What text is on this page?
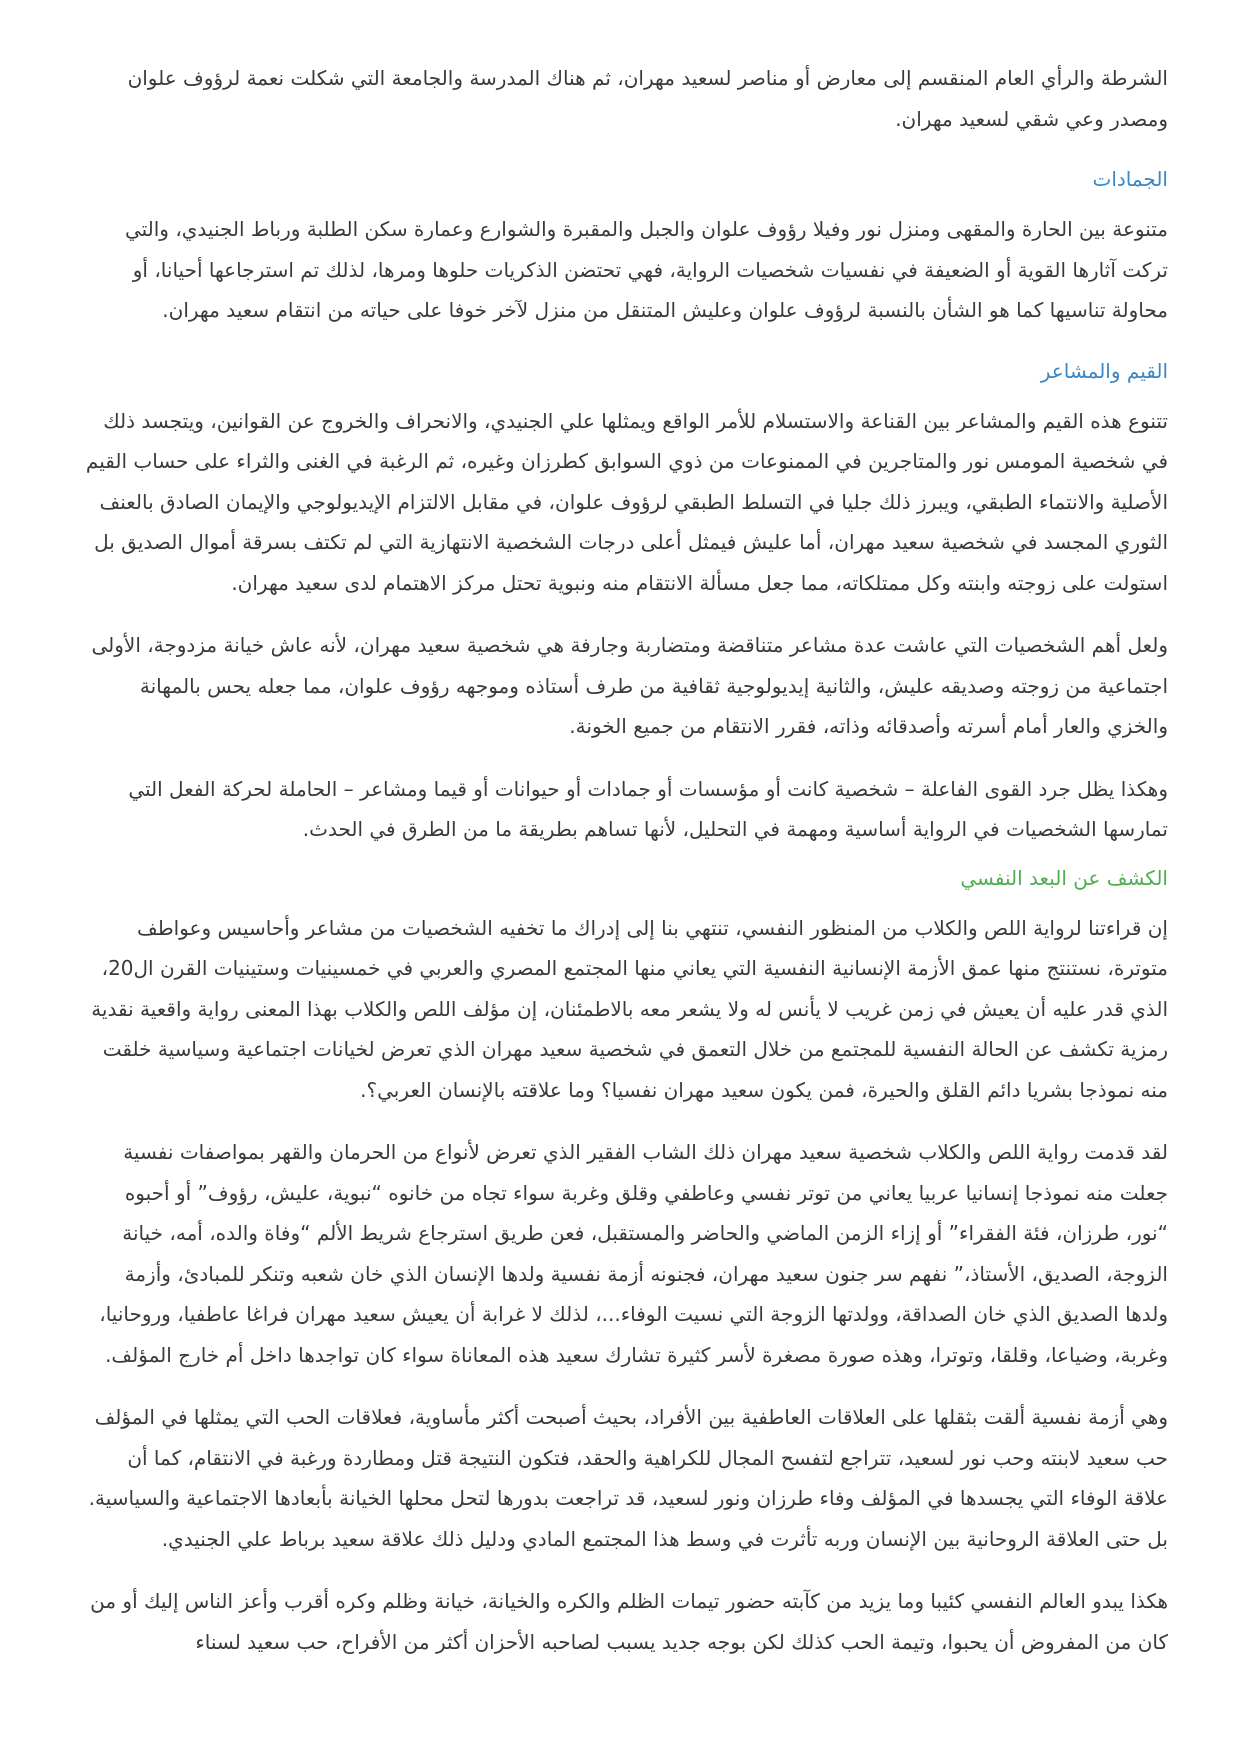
الشرطة والرأي العام المنقسم إلى معارض أو مناصر لسعيد مهران، ثم هناك المدرسة والجامعة التي شكلت نعمة لرؤوف علوان ومصدر وعي شقي لسعيد مهران.

الجمادات

متنوعة بين الحارة والمقهى ومنزل نور وفيلا رؤوف علوان والجبل والمقبرة والشوارع وعمارة سكن الطلبة ورباط الجنيدي، والتي تركت آثارها القوية أو الضعيفة في نفسيات شخصيات الرواية، فهي تحتضن الذكريات حلوها ومرها، لذلك تم استرجاعها أحيانا، أو محاولة تناسيها كما هو الشأن بالنسبة لرؤوف علوان وعليش المتنقل من منزل لآخر خوفا على حياته من انتقام سعيد مهران.

القيم والمشاعر

تتنوع هذه القيم والمشاعر بين القناعة والاستسلام للأمر الواقع ويمثلها علي الجنيدي، والانحراف والخروج عن القوانين، ويتجسد ذلك في شخصية المومس نور والمتاجرين في الممنوعات من ذوي السوابق كطرزان وغيره، ثم الرغبة في الغنى والثراء على حساب القيم الأصلية والانتماء الطبقي، ويبرز ذلك جليا في التسلط الطبقي لرؤوف علوان، في مقابل الالتزام الإيديولوجي والإيمان الصادق بالعنف الثوري المجسد في شخصية سعيد مهران، أما عليش فيمثل أعلى درجات الشخصية الانتهازية التي لم تكتف بسرقة أموال الصديق بل استولت على زوجته وابنته وكل ممتلكاته، مما جعل مسألة الانتقام منه ونبوية تحتل مركز الاهتمام لدى سعيد مهران.

ولعل أهم الشخصيات التي عاشت عدة مشاعر متناقضة ومتضاربة وجارفة هي شخصية سعيد مهران، لأنه عاش خيانة مزدوجة، الأولى اجتماعية من زوجته وصديقه عليش، والثانية إيديولوجية ثقافية من طرف أستاذه وموجهه رؤوف علوان، مما جعله يحس بالمهانة والخزي والعار أمام أسرته وأصدقائه وذاته، فقرر الانتقام من جميع الخونة.

وهكذا يظل جرد القوى الفاعلة – شخصية كانت أو مؤسسات أو جمادات أو حيوانات أو قيما ومشاعر – الحاملة لحركة الفعل التي تمارسها الشخصيات في الرواية أساسية ومهمة في التحليل، لأنها تساهم بطريقة ما من الطرق في الحدث.

الكشف عن البعد النفسي

إن قراءتنا لرواية اللص والكلاب من المنظور النفسي، تنتهي بنا إلى إدراك ما تخفيه الشخصيات من مشاعر وأحاسيس وعواطف متوترة، نستنتج منها عمق الأزمة الإنسانية النفسية التي يعاني منها المجتمع المصري والعربي في خمسينيات وستينيات القرن ال20، الذي قدر عليه أن يعيش في زمن غريب لا يأنس له ولا يشعر معه بالاطمئنان، إن مؤلف اللص والكلاب بهذا المعنى رواية واقعية نقدية رمزية تكشف عن الحالة النفسية للمجتمع من خلال التعمق في شخصية سعيد مهران الذي تعرض لخيانات اجتماعية وسياسية خلقت منه نموذجا بشريا دائم القلق والحيرة، فمن يكون سعيد مهران نفسيا؟ وما علاقته بالإنسان العربي؟.

لقد قدمت رواية اللص والكلاب شخصية سعيد مهران ذلك الشاب الفقير الذي تعرض لأنواع من الحرمان والقهر بمواصفات نفسية جعلت منه نموذجا إنسانيا عربيا يعاني من توتر نفسي وعاطفي وقلق وغربة سواء تجاه من خانوه “نبوية، عليش، رؤوف” أو أحبوه “نور، طرزان، فئة الفقراء” أو إزاء الزمن الماضي والحاضر والمستقبل، فعن طريق استرجاع شريط الألم “وفاة والده، أمه، خيانة الزوجة، الصديق، الأستاذ،” نفهم سر جنون سعيد مهران، فجنونه أزمة نفسية ولدها الإنسان الذي خان شعبه وتنكر للمبادئ، وأزمة ولدها الصديق الذي خان الصداقة، وولدتها الزوجة التي نسيت الوفاء...، لذلك لا غرابة أن يعيش سعيد مهران فراغا عاطفيا، وروحانيا، وغربة، وضياعا، وقلقا، وتوترا، وهذه صورة مصغرة لأسر كثيرة تشارك سعيد هذه المعاناة سواء كان تواجدها داخل أم خارج المؤلف.

وهي أزمة نفسية ألقت بثقلها على العلاقات العاطفية بين الأفراد، بحيث أصبحت أكثر مأساوية، فعلاقات الحب التي يمثلها في المؤلف حب سعيد لابنته وحب نور لسعيد، تتراجع لتفسح المجال للكراهية والحقد، فتكون النتيجة قتل ومطاردة ورغبة في الانتقام، كما أن علاقة الوفاء التي يجسدها في المؤلف وفاء طرزان ونور لسعيد، قد تراجعت بدورها لتحل محلها الخيانة بأبعادها الاجتماعية والسياسية. بل حتى العلاقة الروحانية بين الإنسان وربه تأثرت في وسط هذا المجتمع المادي ودليل ذلك علاقة سعيد برباط علي الجنيدي.

هكذا يبدو العالم النفسي كئيبا وما يزيد من كآبته حضور تيمات الظلم والكره والخيانة، خيانة وظلم وكره أقرب وأعز الناس إليك أو من كان من المفروض أن يحبوا، وتيمة الحب كذلك لكن بوجه جديد يسبب لصاحبه الأحزان أكثر من الأفراح، حب سعيد لسناء
